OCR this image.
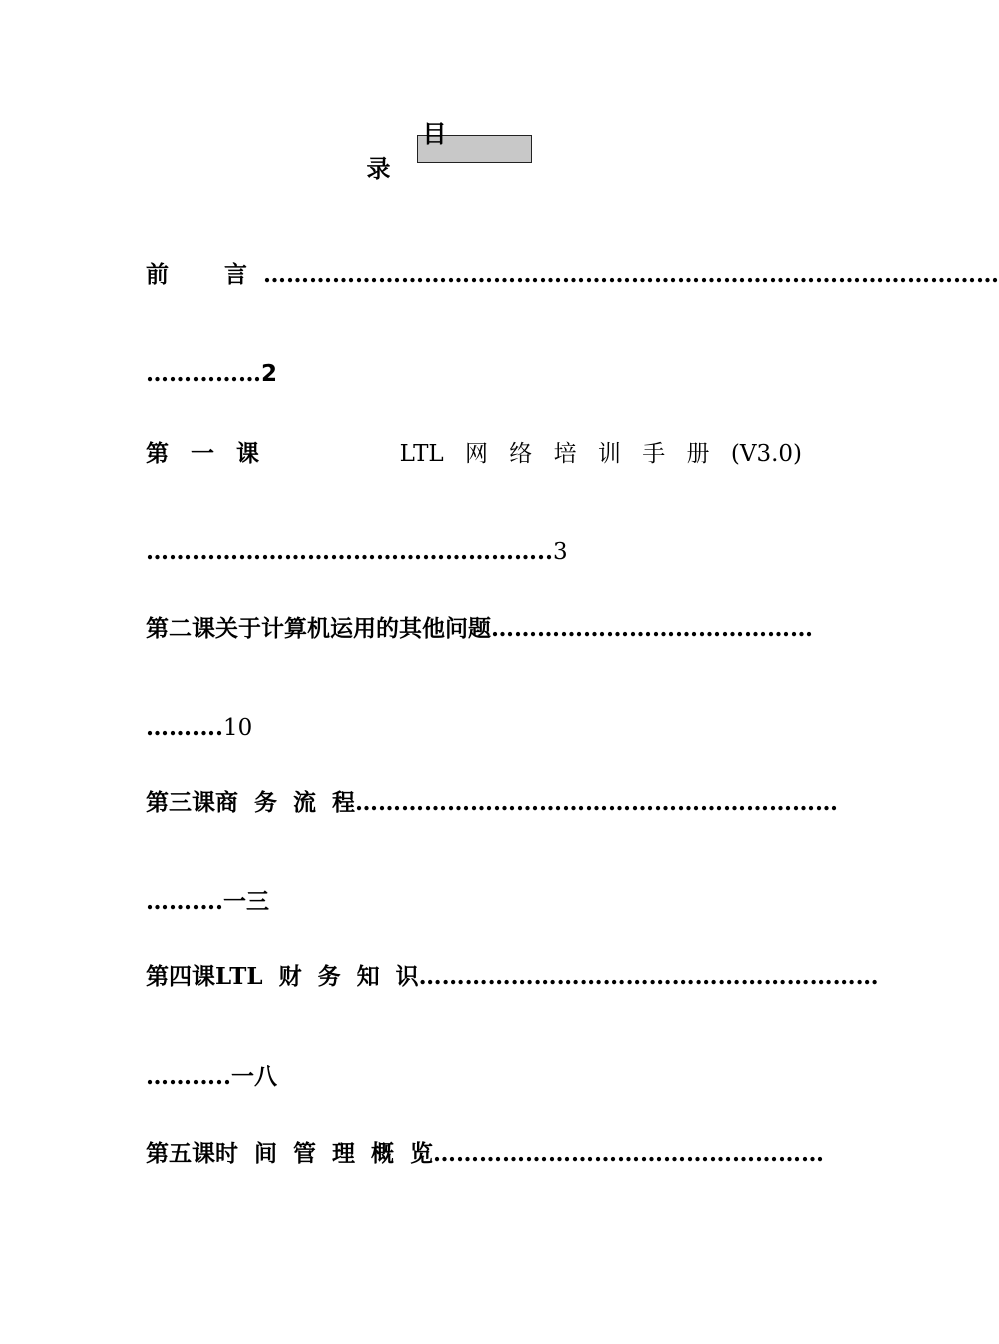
目　录
前　言 ……………………………………………………………………………………
…………… 2
第 一 课	LTL 网 络 培 训 手 册 (V3.0)
…………………………………………….. 3
第二课 关于计算机运用的其他问题 ……………………………………
………. 10
第三课 商 务 流 程 ………………………………………………………
………. 一三
第四课 LTL 财 务 知 识 ……………………………………………………
……….. 一八
第五课 时 间 管 理 概 览 ……………………………………………
